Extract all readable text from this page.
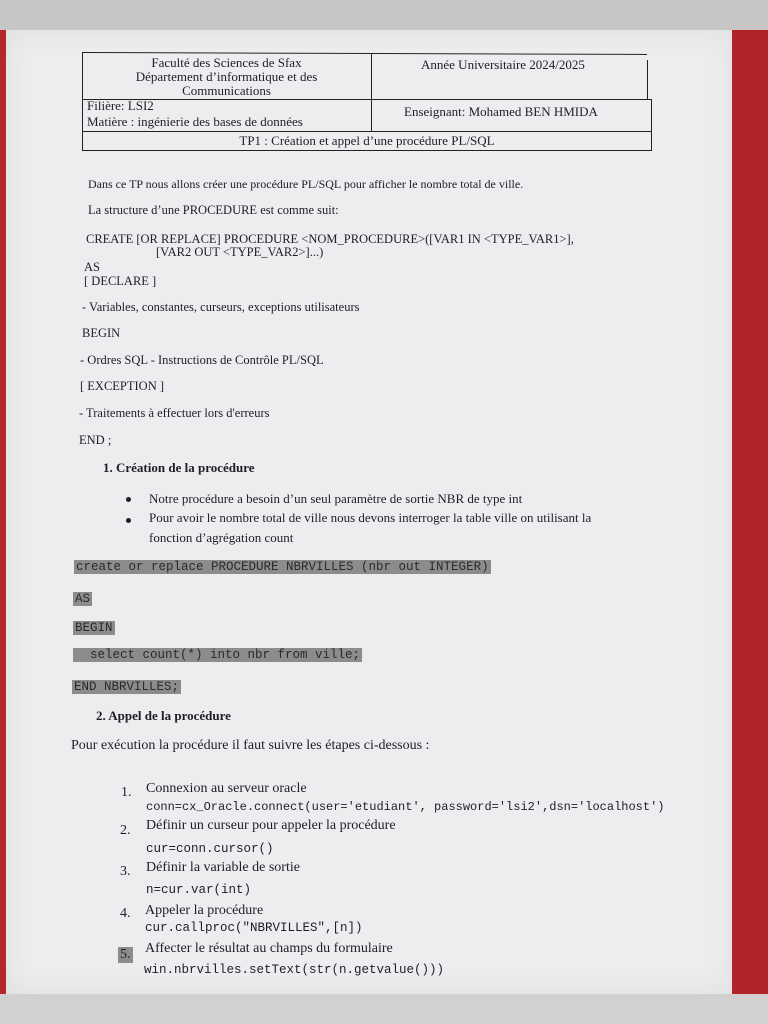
Faculté des Sciences de Sfax
Département d’informatique et des
Communications
Année Universitaire 2024/2025
Filière: LSI2
Matière : ingénierie des bases de données
Enseignant: Mohamed BEN HMIDA
TP1 : Création et appel d’une procédure PL/SQL
Dans ce TP nous allons créer une procédure PL/SQL pour afficher le nombre total de ville.
La structure d’une PROCEDURE est comme suit:
CREATE [OR REPLACE] PROCEDURE <NOM_PROCEDURE>([VAR1 IN <TYPE_VAR1>],
[VAR2 OUT <TYPE_VAR2>]...)
AS
[ DECLARE ]
- Variables, constantes, curseurs, exceptions utilisateurs
BEGIN
- Ordres SQL - Instructions de Contrôle PL/SQL
[ EXCEPTION ]
- Traitements à effectuer lors d'erreurs
END ;
1. Création de la procédure
Notre procédure a besoin d’un seul paramètre de sortie NBR de type int
Pour avoir le nombre total de ville nous devons interroger la table ville on utilisant la
fonction d’agrégation count
create or replace PROCEDURE NBRVILLES (nbr out INTEGER)
AS
BEGIN
select count(*) into nbr from ville;
END NBRVILLES;
2. Appel de la procédure
Pour exécution la procédure il faut suivre les étapes ci-dessous :
1. Connexion au serveur oracle
conn=cx_Oracle.connect(user='etudiant', password='lsi2',dsn='localhost')
2. Définir un curseur pour appeler la procédure
cur=conn.cursor()
3. Définir la variable de sortie
n=cur.var(int)
4. Appeler la procédure
cur.callproc("NBRVILLES",[n])
5. Affecter le résultat au champs du formulaire
win.nbrvilles.setText(str(n.getvalue()))
